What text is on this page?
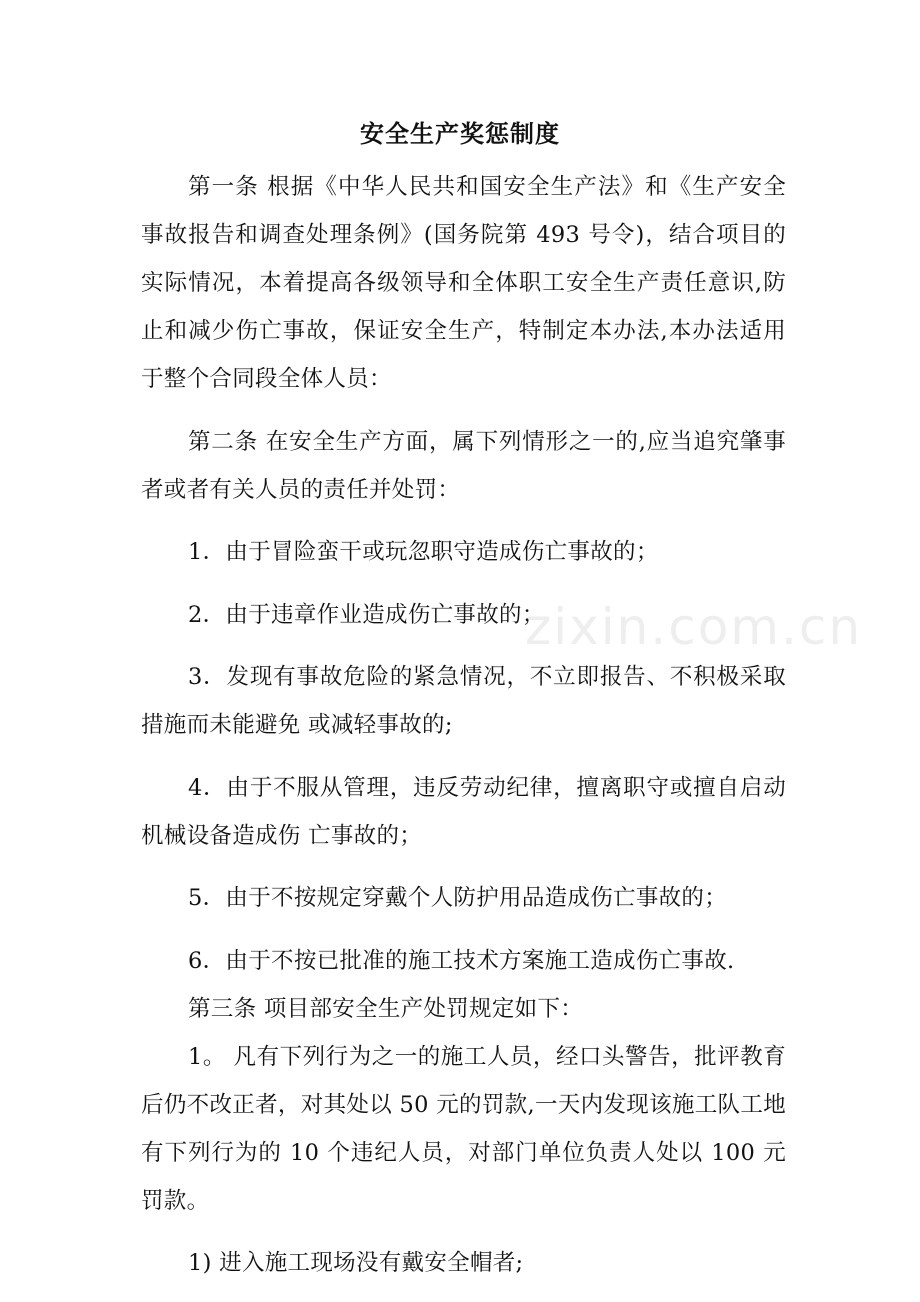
安全生产奖惩制度

第一条 根据《中华人民共和国安全生产法》和《生产安全事故报告和调查处理条例》(国务院第 493 号令)，结合项目的实际情况，本着提高各级领导和全体职工安全生产责任意识,防止和减少伤亡事故，保证安全生产，特制定本办法,本办法适用于整个合同段全体人员：

第二条 在安全生产方面，属下列情形之一的,应当追究肇事者或者有关人员的责任并处罚：

1．由于冒险蛮干或玩忽职守造成伤亡事故的；

2．由于违章作业造成伤亡事故的；

3．发现有事故危险的紧急情况，不立即报告、不积极采取措施而未能避免 或减轻事故的;

4．由于不服从管理，违反劳动纪律，擅离职守或擅自启动机械设备造成伤 亡事故的；

5．由于不按规定穿戴个人防护用品造成伤亡事故的；

6．由于不按已批准的施工技术方案施工造成伤亡事故.

第三条 项目部安全生产处罚规定如下：

1。 凡有下列行为之一的施工人员，经口头警告，批评教育后仍不改正者，对其处以 50 元的罚款,一天内发现该施工队工地有下列行为的 10 个违纪人员，对部门单位负责人处以 100 元罚款。

1) 进入施工现场没有戴安全帽者;

zixin.com.cn
